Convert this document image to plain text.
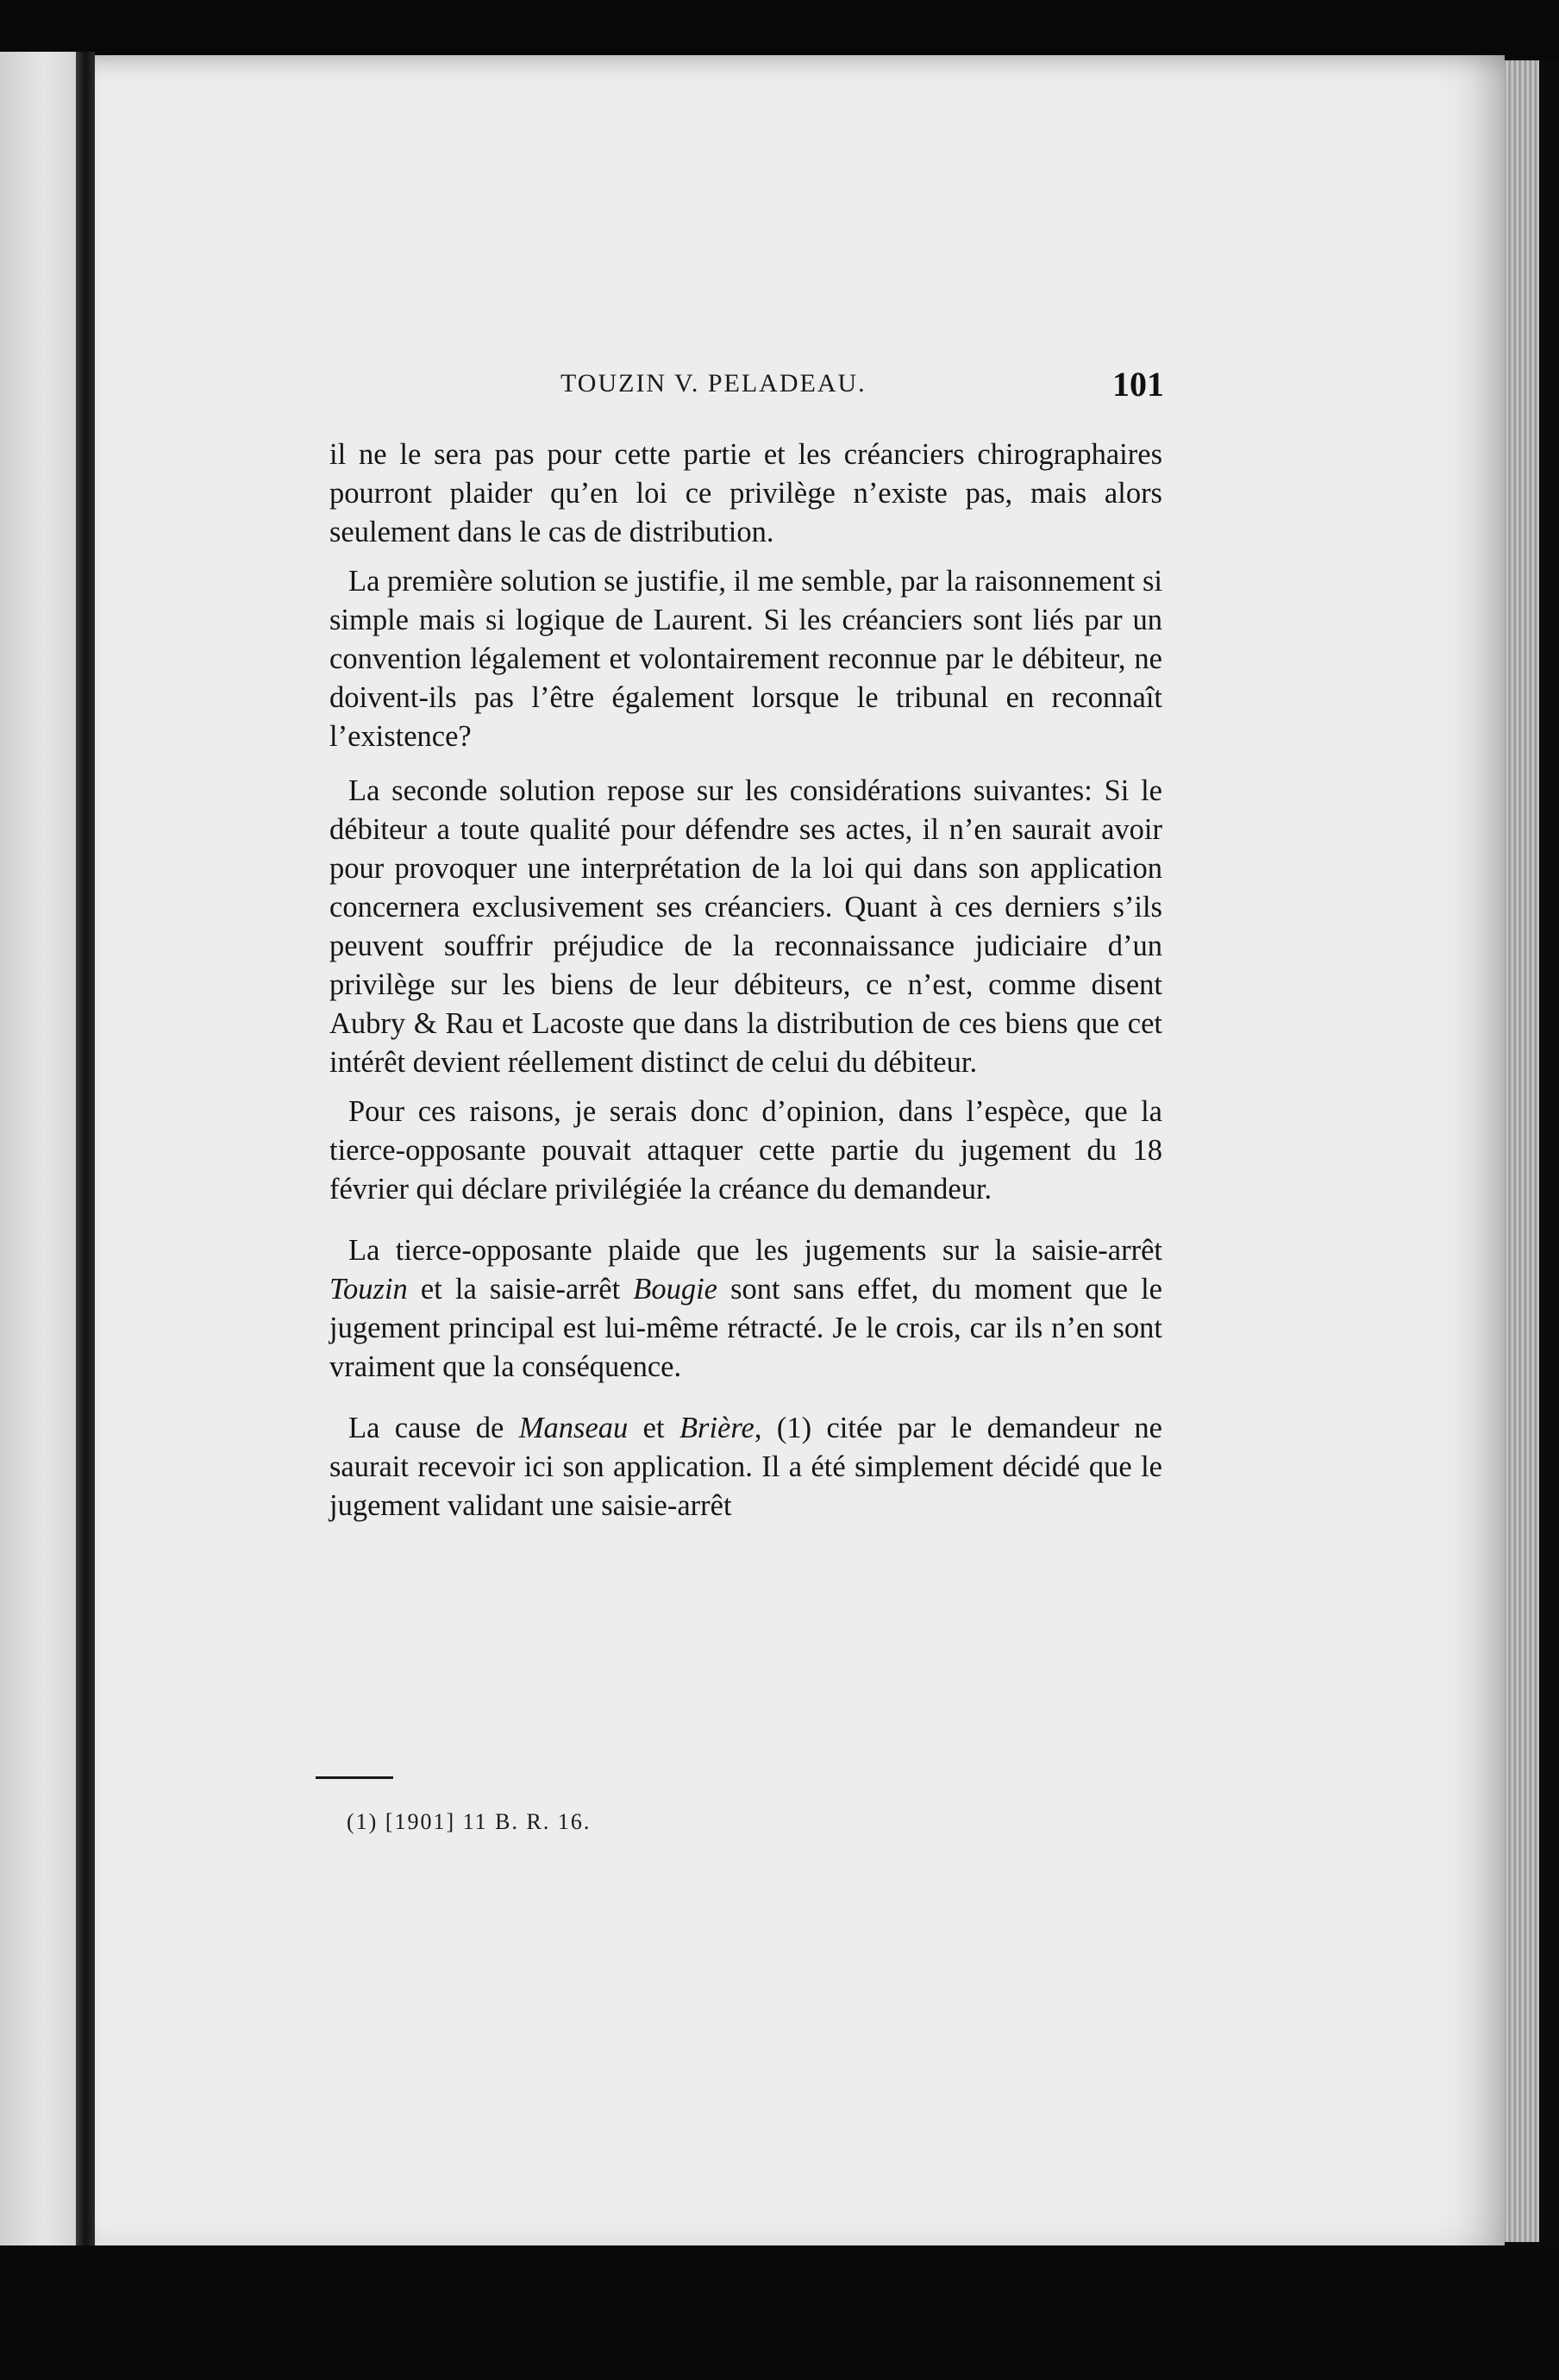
TOUZIN V. PELADEAU.	101

il ne le sera pas pour cette partie et les créanciers chirographaires pourront plaider qu’en loi ce privilège n’existe pas, mais alors seulement dans le cas de distribution.

La première solution se justifie, il me semble, par la raisonnement si simple mais si logique de Laurent. Si les créanciers sont liés par un convention légalement et volontairement reconnue par le débiteur, ne doivent-ils pas l’être également lorsque le tribunal en reconnaît l’existence?

La seconde solution repose sur les considérations suivantes: Si le débiteur a toute qualité pour défendre ses actes, il n’en saurait avoir pour provoquer une interprétation de la loi qui dans son application concernera exclusivement ses créanciers. Quant à ces derniers s’ils peuvent souffrir préjudice de la reconnaissance judiciaire d’un privilège sur les biens de leur débiteurs, ce n’est, comme disent Aubry & Rau et Lacoste que dans la distribution de ces biens que cet intérêt devient réellement distinct de celui du débiteur.

Pour ces raisons, je serais donc d’opinion, dans l’espèce, que la tierce-opposante pouvait attaquer cette partie du jugement du 18 février qui déclare privilégiée la créance du demandeur.

La tierce-opposante plaide que les jugements sur la saisie-arrêt Touzin et la saisie-arrêt Bougie sont sans effet, du moment que le jugement principal est lui-même rétracté. Je le crois, car ils n’en sont vraiment que la conséquence.

La cause de Manseau et Brière, (1) citée par le demandeur ne saurait recevoir ici son application. Il a été simplement décidé que le jugement validant une saisie-arrêt

(1) [1901] 11 B. R. 16.
